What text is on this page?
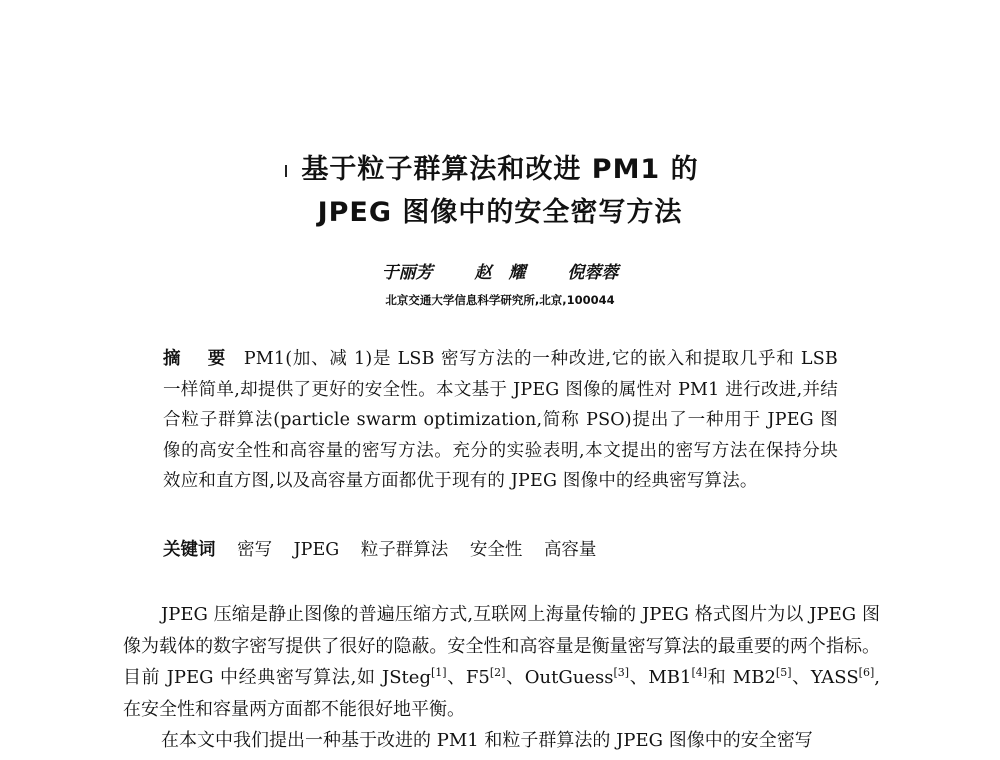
基于粒子群算法和改进 PM1 的
JPEG 图像中的安全密写方法
于丽芳 赵　耀 倪蓉蓉
北京交通大学信息科学研究所,北京,100044
摘 要 PM1(加、减 1)是 LSB 密写方法的一种改进,它的嵌入和提取几乎和 LSB 一样简单,却提供了更好的安全性。本文基于 JPEG 图像的属性对 PM1 进行改进,并结合粒子群算法(particle swarm optimization,简称 PSO)提出了一种用于 JPEG 图像的高安全性和高容量的密写方法。充分的实验表明,本文提出的密写方法在保持分块效应和直方图,以及高容量方面都优于现有的 JPEG 图像中的经典密写算法。
关键词 密写 JPEG 粒子群算法 安全性 高容量

JPEG 压缩是静止图像的普遍压缩方式,互联网上海量传输的 JPEG 格式图片为以 JPEG 图像为载体的数字密写提供了很好的隐蔽。安全性和高容量是衡量密写算法的最重要的两个指标。目前 JPEG 中经典密写算法,如 JSteg[1]、F5[2]、OutGuess[3]、MB1[4]和 MB2[5]、YASS[6],在安全性和容量两方面都不能很好地平衡。

在本文中我们提出一种基于改进的 PM1 和粒子群算法的 JPEG 图像中的安全密写
